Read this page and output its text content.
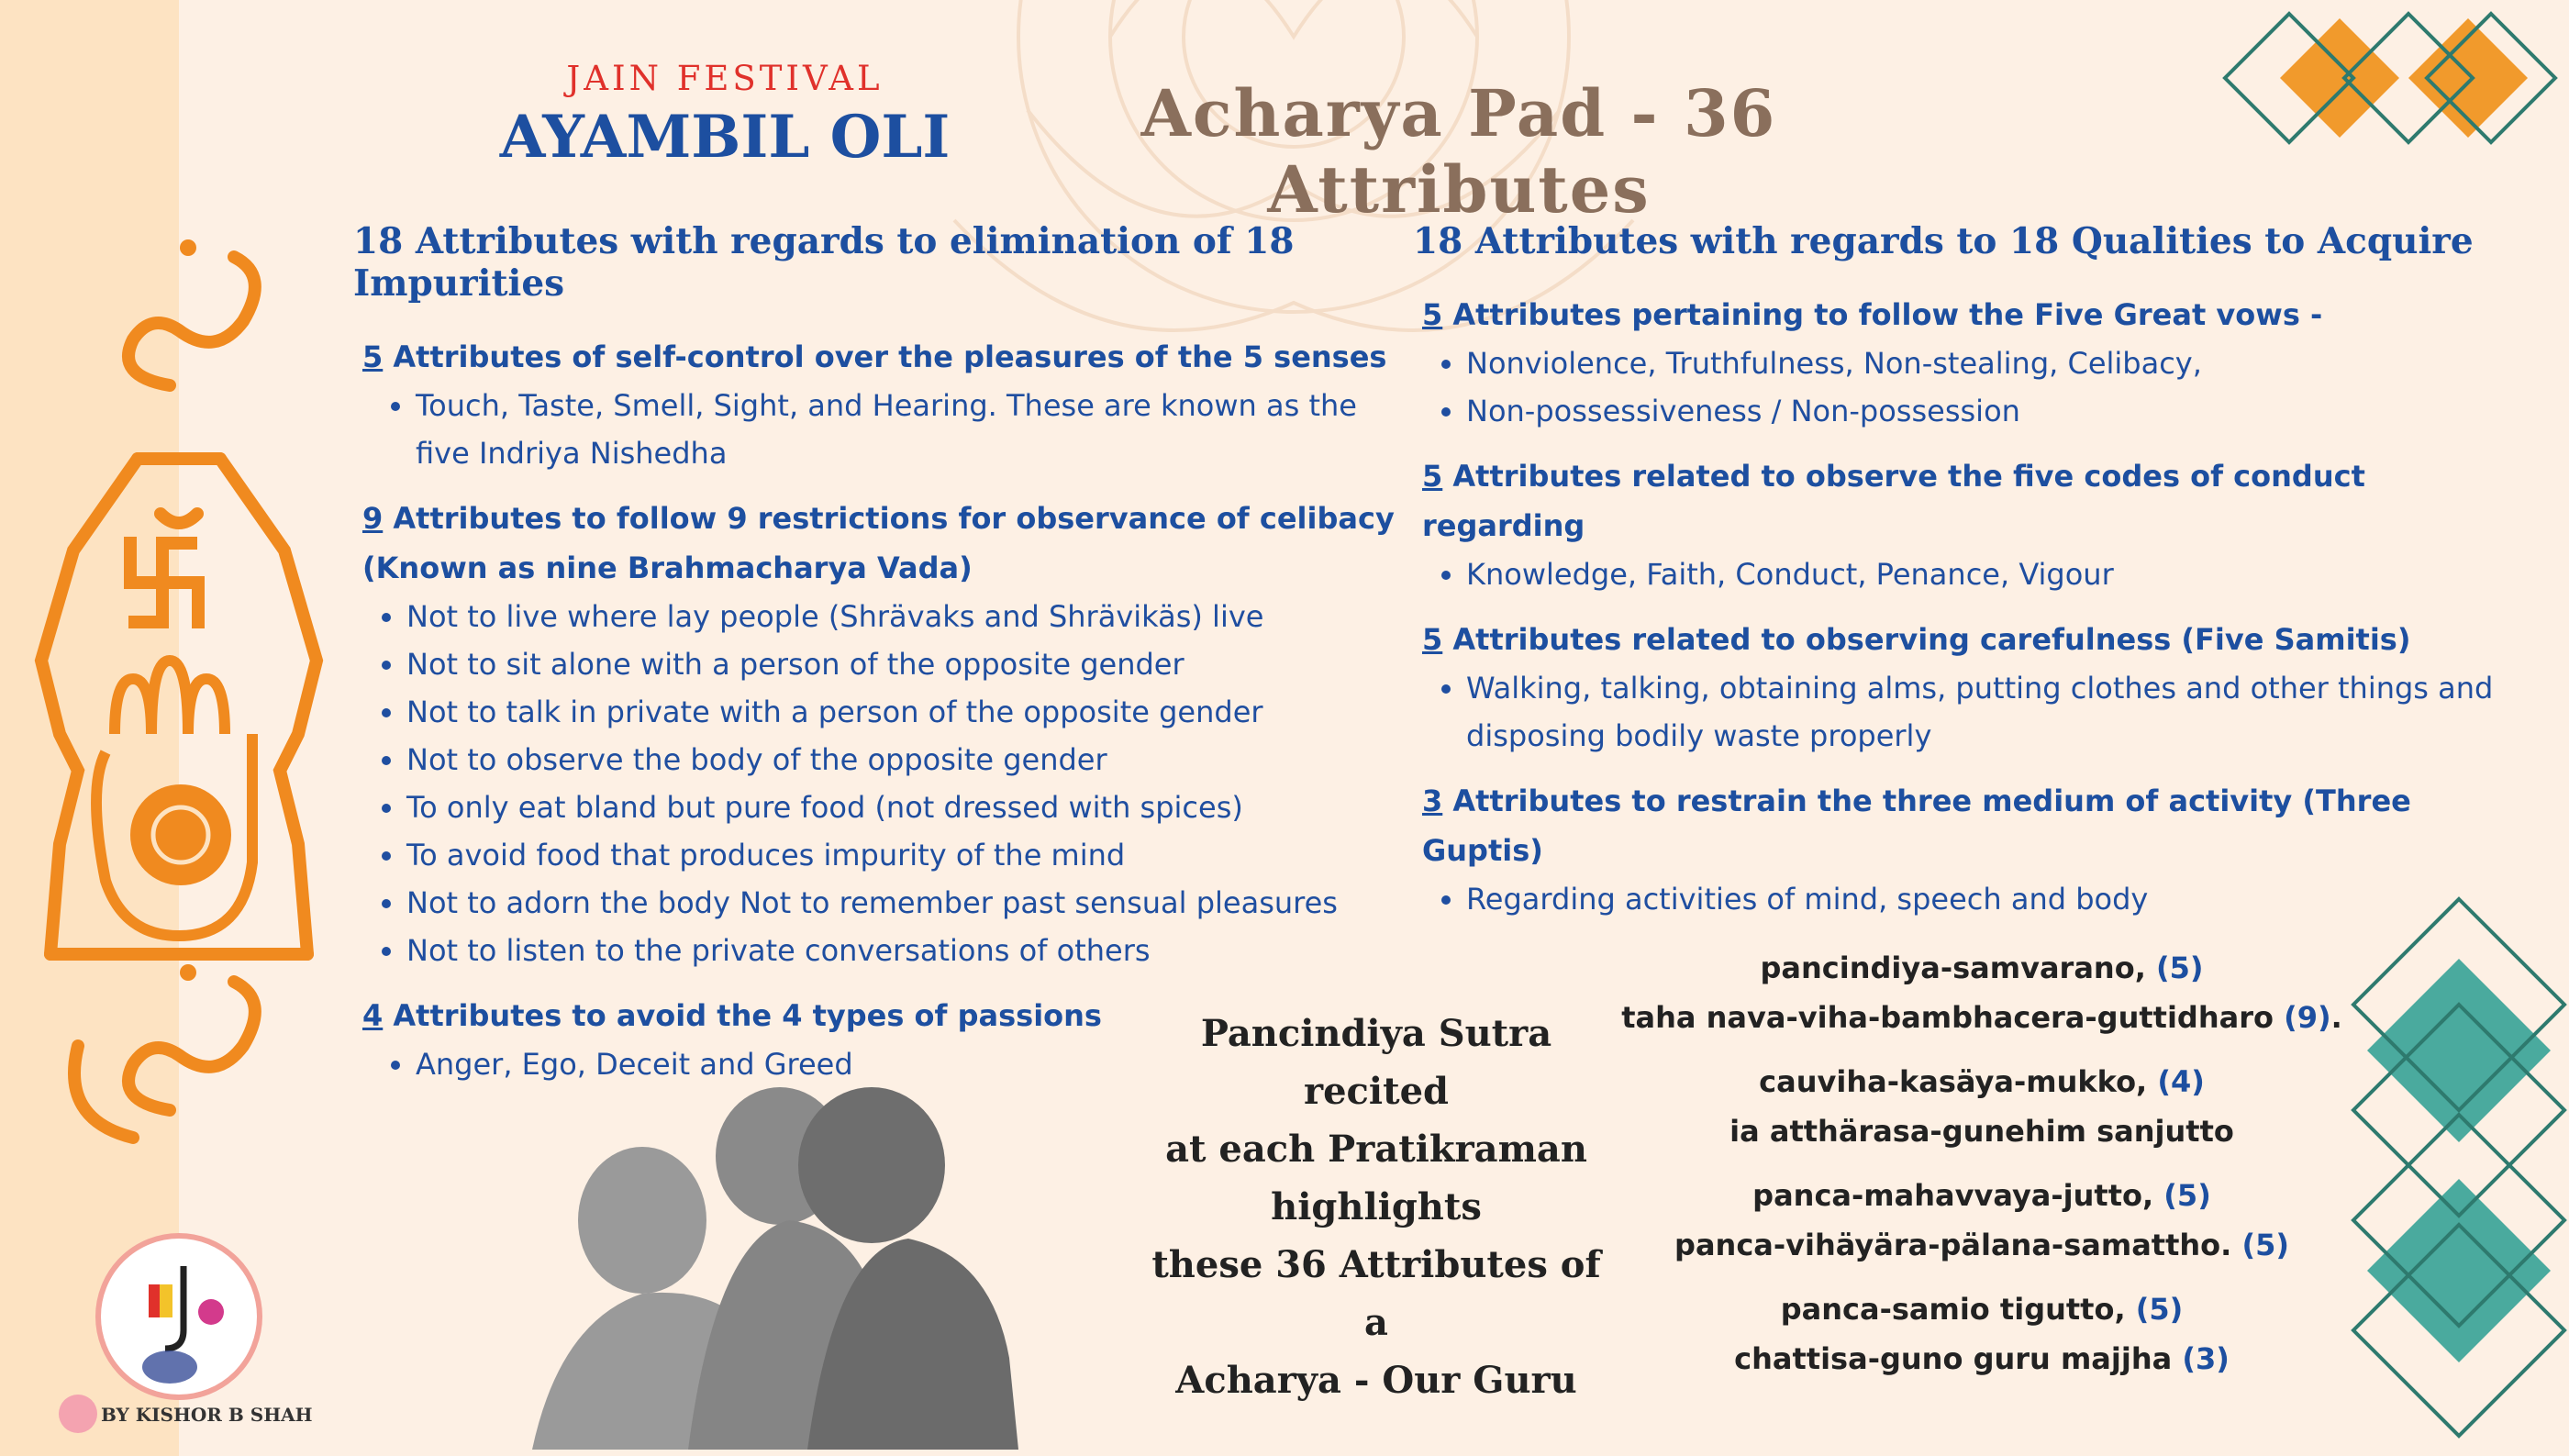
BY KISHOR B SHAH
JAIN FESTIVAL
AYAMBIL OLI	Acharya Pad - 36 Attributes
18 Attributes with regards to elimination of 18 Impurities
5 Attributes of self-control over the pleasures of the 5 senses
• Touch, Taste, Smell, Sight, and Hearing. These are known as the five Indriya Nishedha
9 Attributes to follow 9 restrictions for observance of celibacy (Known as nine Brahmacharya Vada)
• Not to live where lay people (Shrävaks and Shrävikäs) live
• Not to sit alone with a person of the opposite gender
• Not to talk in private with a person of the opposite gender
• Not to observe the body of the opposite gender
• To only eat bland but pure food (not dressed with spices)
• To avoid food that produces impurity of the mind
• Not to adorn the body Not to remember past sensual pleasures
• Not to listen to the private conversations of others
4 Attributes to avoid the 4 types of passions
• Anger, Ego, Deceit and Greed
18 Attributes with regards to 18 Qualities to Acquire
5 Attributes pertaining to follow the Five Great vows -
• Nonviolence, Truthfulness, Non-stealing, Celibacy,
• Non-possessiveness / Non-possession
5 Attributes related to observe the five codes of conduct regarding
• Knowledge, Faith, Conduct, Penance, Vigour
5 Attributes related to observing carefulness (Five Samitis)
• Walking, talking, obtaining alms, putting clothes and other things and disposing bodily waste properly
3 Attributes to restrain the three medium of activity (Three Guptis)
• Regarding activities of mind, speech and body
Pancindiya Sutra recited
at each Pratikraman
highlights
these 36 Attributes of a
Acharya - Our Guru
pancindiya-samvarano, (5)
taha nava-viha-bambhacera-guttidharo (9).
cauviha-kasäya-mukko, (4)
ia atthärasa-gunehim sanjutto
panca-mahavvaya-jutto, (5)
panca-vihäyära-pälana-samattho. (5)
panca-samio tigutto, (5)
chattisa-guno guru majjha (3)
